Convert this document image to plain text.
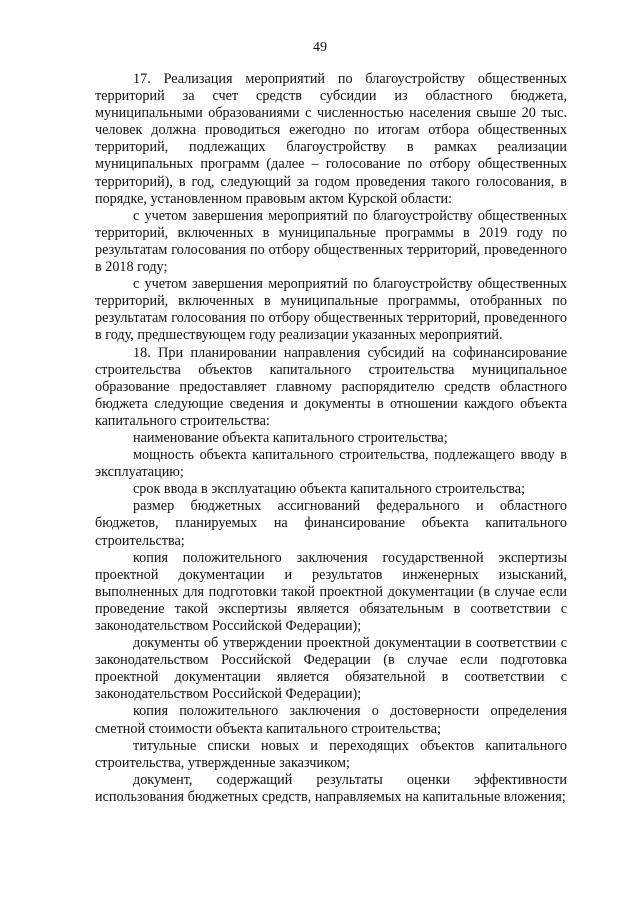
49

17. Реализация мероприятий по благоустройству общественных территорий за счет средств субсидии из областного бюджета, муниципальными образованиями с численностью населения свыше 20 тыс. человек должна проводиться ежегодно по итогам отбора общественных территорий, подлежащих благоустройству в рамках реализации муниципальных программ (далее – голосование по отбору общественных территорий), в год, следующий за годом проведения такого голосования, в порядке, установленном правовым актом Курской области:

с учетом завершения мероприятий по благоустройству общественных территорий, включенных в муниципальные программы в 2019 году по результатам голосования по отбору общественных территорий, проведенного в 2018 году;

с учетом завершения мероприятий по благоустройству общественных территорий, включенных в муниципальные программы, отобранных по результатам голосования по отбору общественных территорий, проведенного в году, предшествующем году реализации указанных мероприятий.

18. При планировании направления субсидий на софинансирование строительства объектов капитального строительства муниципальное образование предоставляет главному распорядителю средств областного бюджета следующие сведения и документы в отношении каждого объекта капитального строительства:

наименование объекта капитального строительства;

мощность объекта капитального строительства, подлежащего вводу в эксплуатацию;

срок ввода в эксплуатацию объекта капитального строительства;

размер бюджетных ассигнований федерального и областного бюджетов, планируемых на финансирование объекта капитального строительства;

копия положительного заключения государственной экспертизы проектной документации и результатов инженерных изысканий, выполненных для подготовки такой проектной документации (в случае если проведение такой экспертизы является обязательным в соответствии с законодательством Российской Федерации);

документы об утверждении проектной документации в соответствии с законодательством Российской Федерации (в случае если подготовка проектной документации является обязательной в соответствии с законодательством Российской Федерации);

копия положительного заключения о достоверности определения сметной стоимости объекта капитального строительства;

титульные списки новых и переходящих объектов капитального строительства, утвержденные заказчиком;

документ, содержащий результаты оценки эффективности использования бюджетных средств, направляемых на капитальные вложения;
